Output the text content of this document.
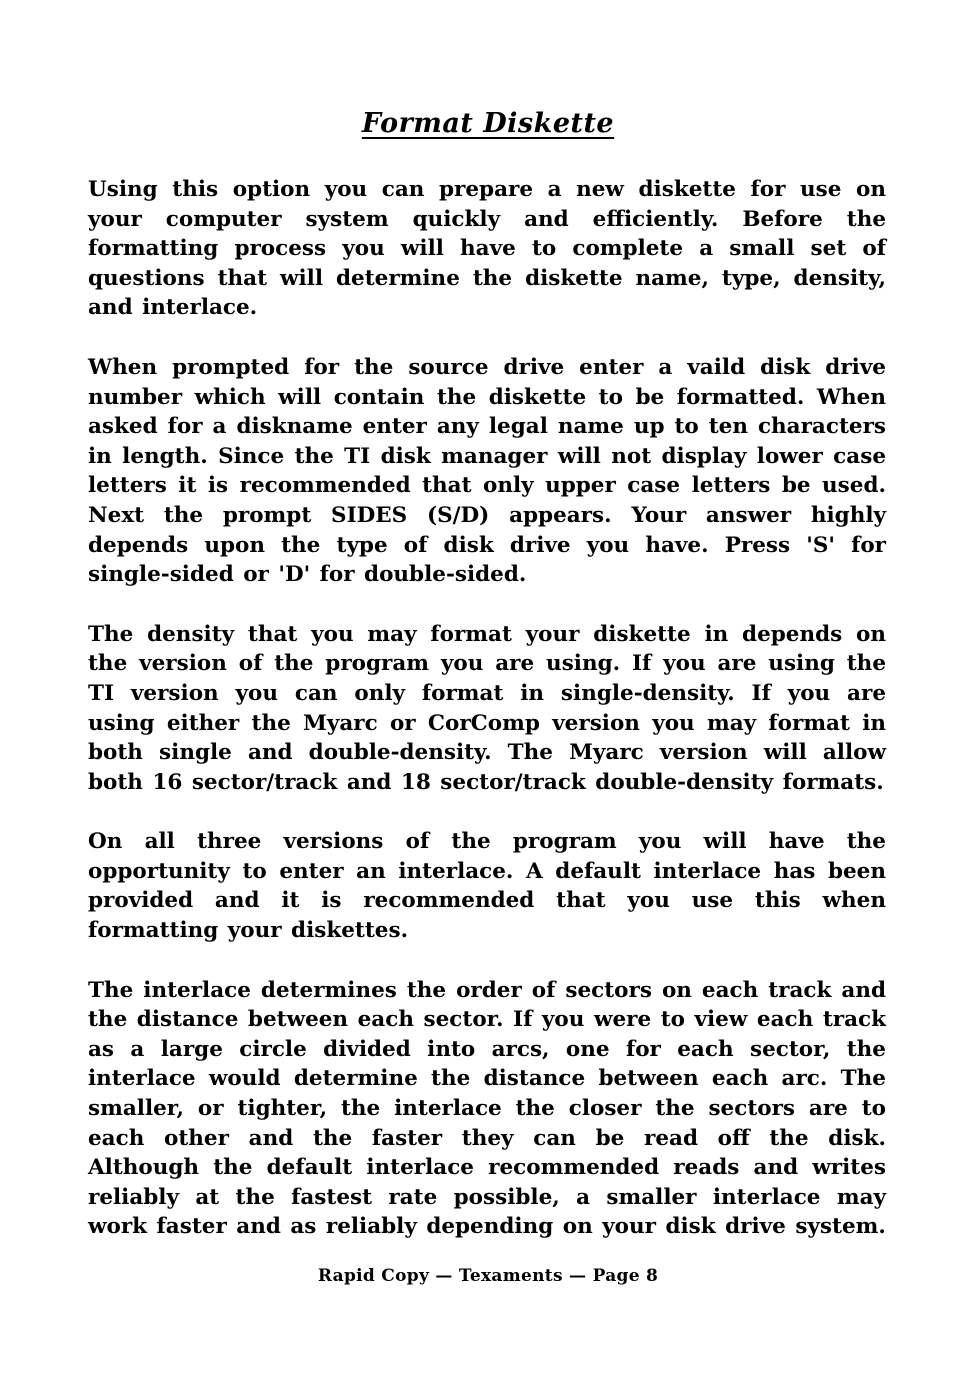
Format Diskette

Using this option you can prepare a new diskette for use on your computer system quickly and efficiently. Before the formatting process you will have to complete a small set of questions that will determine the diskette name, type, density, and interlace.

When prompted for the source drive enter a vaild disk drive number which will contain the diskette to be formatted. When asked for a diskname enter any legal name up to ten characters in length. Since the TI disk manager will not display lower case letters it is recommended that only upper case letters be used. Next the prompt SIDES (S/D) appears. Your answer highly depends upon the type of disk drive you have. Press 'S' for single-sided or 'D' for double-sided.

The density that you may format your diskette in depends on the version of the program you are using. If you are using the TI version you can only format in single-density. If you are using either the Myarc or CorComp version you may format in both single and double-density. The Myarc version will allow both 16 sector/track and 18 sector/track double-density formats.

On all three versions of the program you will have the opportunity to enter an interlace. A default interlace has been provided and it is recommended that you use this when formatting your diskettes.

The interlace determines the order of sectors on each track and the distance between each sector. If you were to view each track as a large circle divided into arcs, one for each sector, the interlace would determine the distance between each arc. The smaller, or tighter, the interlace the closer the sectors are to each other and the faster they can be read off the disk. Although the default interlace recommended reads and writes reliably at the fastest rate possible, a smaller interlace may work faster and as reliably depending on your disk drive system.

Rapid Copy — Texaments — Page 8
